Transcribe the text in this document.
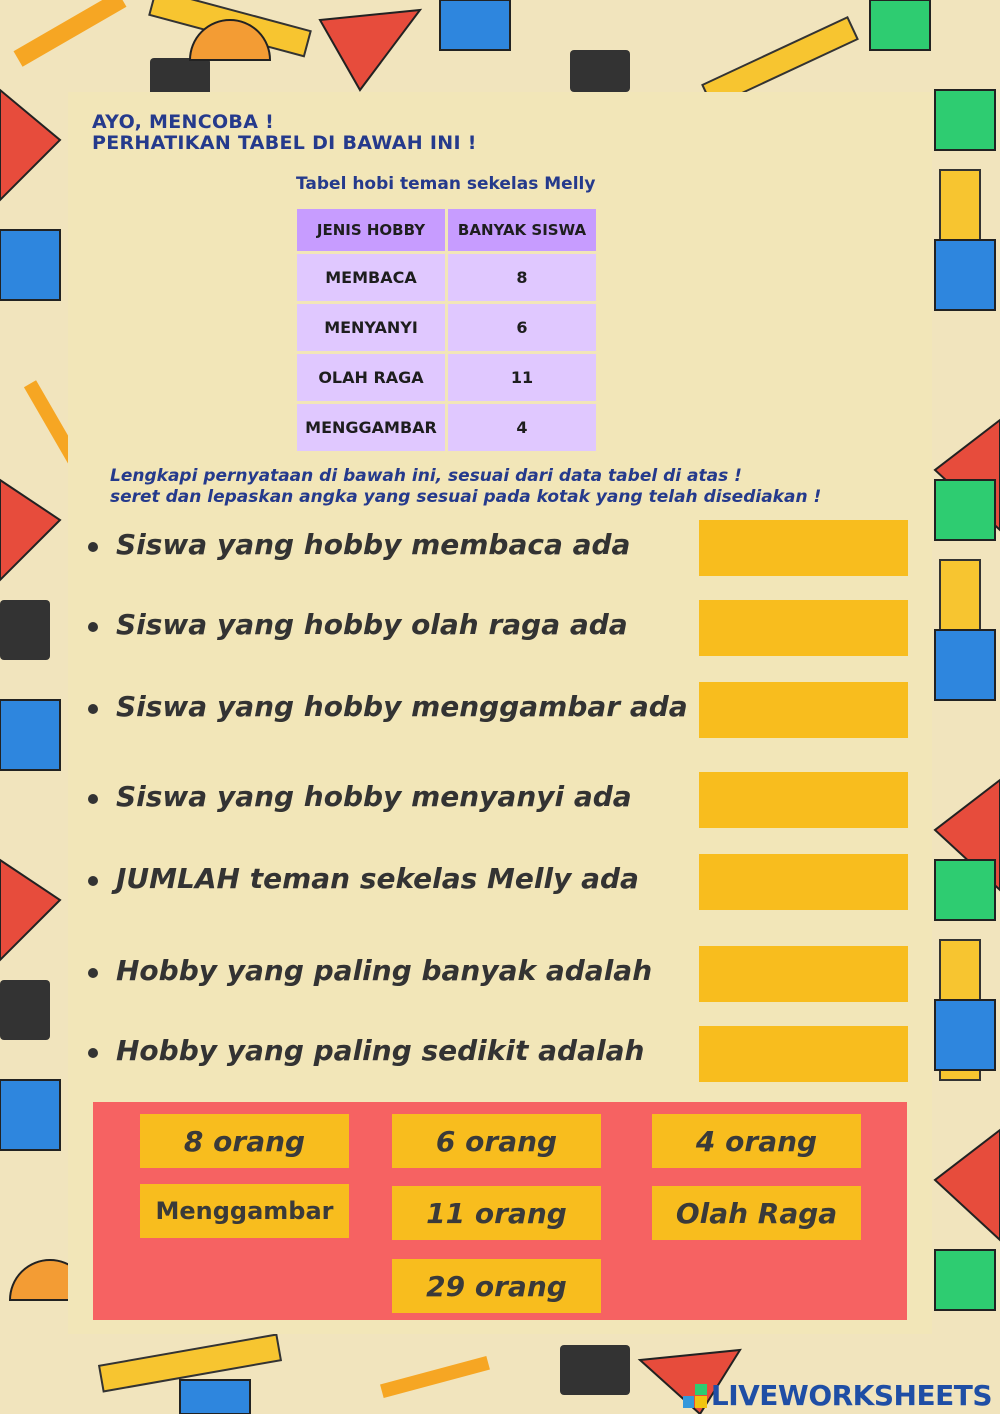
AYO, MENCOBA !
PERHATIKAN TABEL DI BAWAH INI !
Tabel hobi teman sekelas Melly
JENIS HOBBY	BANYAK SISWA
MEMBACA	8
MENYANYI	6
OLAH RAGA	11
MENGGAMBAR	4
Lengkapi pernyataan di bawah ini, sesuai dari data tabel di atas !
seret dan lepaskan angka yang sesuai pada kotak yang telah disediakan !
Siswa yang hobby membaca ada
Siswa yang hobby olah raga ada
Siswa yang hobby menggambar ada
Siswa yang hobby menyanyi ada
JUMLAH teman sekelas Melly ada
Hobby yang paling banyak adalah
Hobby yang paling sedikit adalah
8 orang	6 orang	4 orang
Menggambar	11 orang	Olah Raga
29 orang
LIVEWORKSHEETS
